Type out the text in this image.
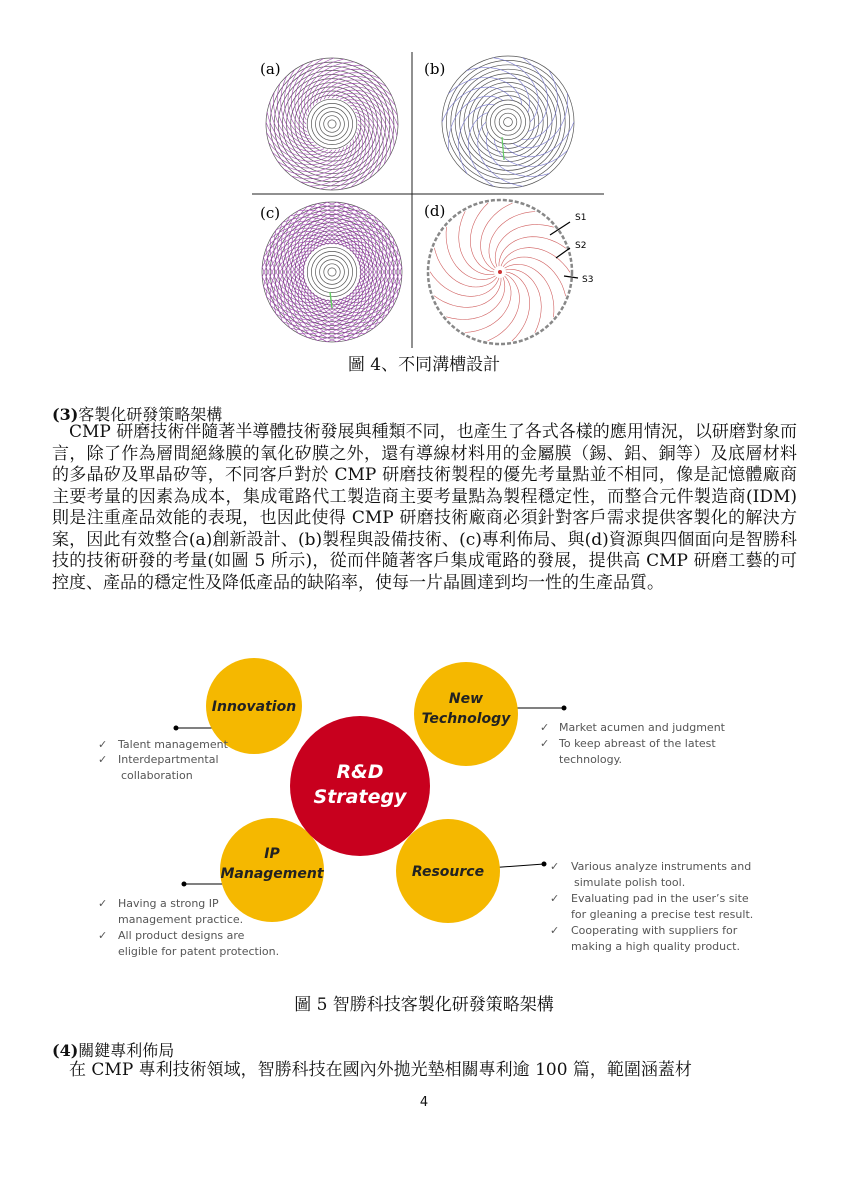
(a)	(b)
(c)	(d)	S1
S2
S3
圖 4、不同溝槽設計
(3)客製化研發策略架構
CMP 研磨技術伴隨著半導體技術發展與種類不同，也產生了各式各樣的應用情況，以研磨對象而言，除了作為層間絕緣膜的氧化矽膜之外，還有導線材料用的金屬膜（錫、鋁、銅等）及底層材料的多晶矽及單晶矽等，不同客戶對於 CMP 研磨技術製程的優先考量點並不相同，像是記憶體廠商主要考量的因素為成本，集成電路代工製造商主要考量點為製程穩定性，而整合元件製造商(IDM)則是注重產品效能的表現，也因此使得 CMP 研磨技術廠商必須針對客戶需求提供客製化的解決方案，因此有效整合(a)創新設計、(b)製程與設備技術、(c)專利佈局、與(d)資源與四個面向是智勝科技的技術研發的考量(如圖 5 所示)，從而伴隨著客戶集成電路的發展，提供高 CMP 研磨工藝的可控度、產品的穩定性及降低產品的缺陷率，使每一片晶圓達到均一性的生產品質。
Innovation	New
Technology
IP
Management	Resource
R&D
Strategy
✓ Talent management
✓ Interdepartmental
collaboration
✓ Market acumen and judgment
✓ To keep abreast of the latest
technology.
✓ Having a strong IP
management practice.
✓ All product designs are
eligible for patent protection.
✓ Various analyze instruments and
simulate polish tool.
✓ Evaluating pad in the user’s site
for gleaning a precise test result.
✓ Cooperating with suppliers for
making a high quality product.
圖 5 智勝科技客製化研發策略架構
(4)關鍵專利佈局
在 CMP 專利技術領域，智勝科技在國內外拋光墊相關專利逾 100 篇，範圍涵蓋材
4
